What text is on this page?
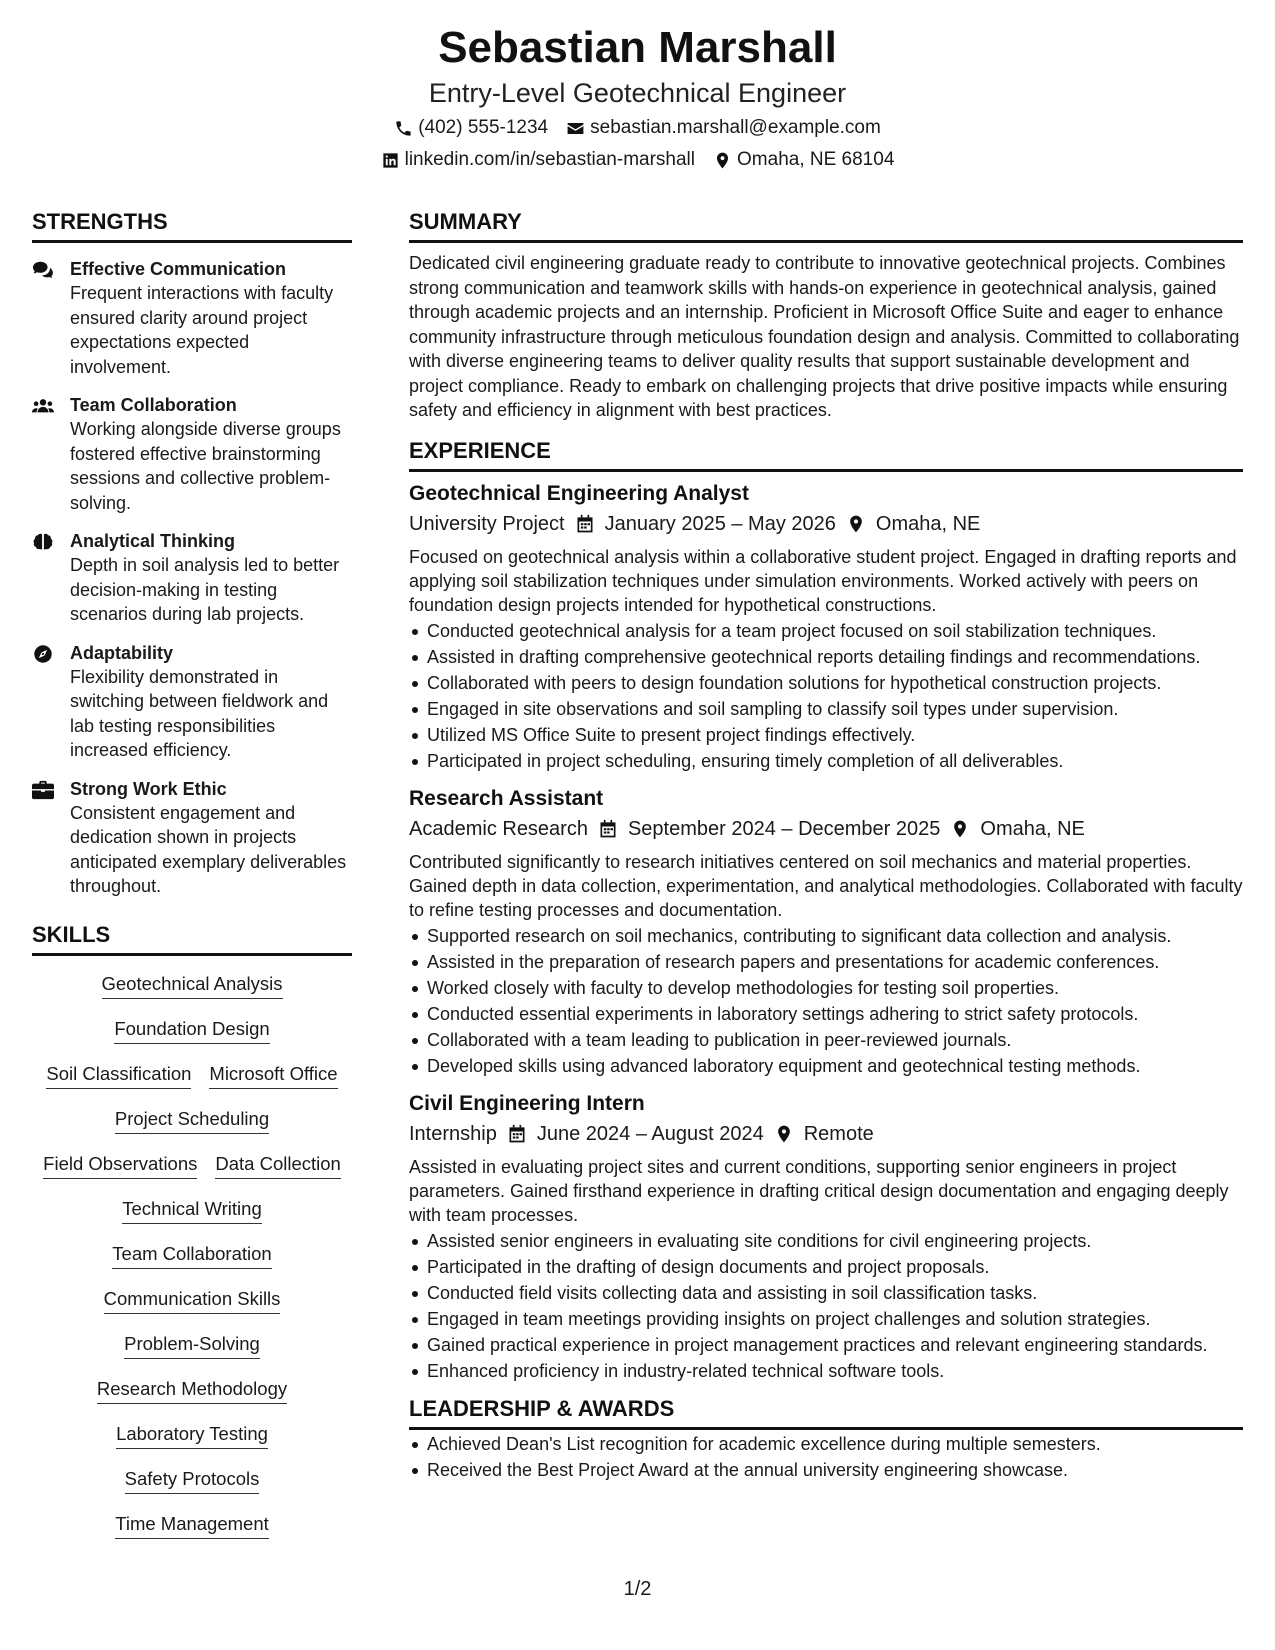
Sebastian Marshall
Entry-Level Geotechnical Engineer
(402) 555-1234 sebastian.marshall@example.com
linkedin.com/in/sebastian-marshall Omaha, NE 68104
STRENGTHS
Effective Communication
Frequent interactions with faculty ensured clarity around project expectations expected involvement.
Team Collaboration
Working alongside diverse groups fostered effective brainstorming sessions and collective problem-solving.
Analytical Thinking
Depth in soil analysis led to better decision-making in testing scenarios during lab projects.
Adaptability
Flexibility demonstrated in switching between fieldwork and lab testing responsibilities increased efficiency.
Strong Work Ethic
Consistent engagement and dedication shown in projects anticipated exemplary deliverables throughout.
SKILLS
Geotechnical Analysis
Foundation Design
Soil Classification Microsoft Office
Project Scheduling
Field Observations Data Collection
Technical Writing
Team Collaboration
Communication Skills
Problem-Solving
Research Methodology
Laboratory Testing
Safety Protocols
Time Management
SUMMARY
Dedicated civil engineering graduate ready to contribute to innovative geotechnical projects. Combines strong communication and teamwork skills with hands-on experience in geotechnical analysis, gained through academic projects and an internship. Proficient in Microsoft Office Suite and eager to enhance community infrastructure through meticulous foundation design and analysis. Committed to collaborating with diverse engineering teams to deliver quality results that support sustainable development and project compliance. Ready to embark on challenging projects that drive positive impacts while ensuring safety and efficiency in alignment with best practices.
EXPERIENCE
Geotechnical Engineering Analyst
University Project January 2025 – May 2026 Omaha, NE
Focused on geotechnical analysis within a collaborative student project. Engaged in drafting reports and applying soil stabilization techniques under simulation environments. Worked actively with peers on foundation design projects intended for hypothetical constructions.
Conducted geotechnical analysis for a team project focused on soil stabilization techniques.
Assisted in drafting comprehensive geotechnical reports detailing findings and recommendations.
Collaborated with peers to design foundation solutions for hypothetical construction projects.
Engaged in site observations and soil sampling to classify soil types under supervision.
Utilized MS Office Suite to present project findings effectively.
Participated in project scheduling, ensuring timely completion of all deliverables.
Research Assistant
Academic Research September 2024 – December 2025 Omaha, NE
Contributed significantly to research initiatives centered on soil mechanics and material properties. Gained depth in data collection, experimentation, and analytical methodologies. Collaborated with faculty to refine testing processes and documentation.
Supported research on soil mechanics, contributing to significant data collection and analysis.
Assisted in the preparation of research papers and presentations for academic conferences.
Worked closely with faculty to develop methodologies for testing soil properties.
Conducted essential experiments in laboratory settings adhering to strict safety protocols.
Collaborated with a team leading to publication in peer-reviewed journals.
Developed skills using advanced laboratory equipment and geotechnical testing methods.
Civil Engineering Intern
Internship June 2024 – August 2024 Remote
Assisted in evaluating project sites and current conditions, supporting senior engineers in project parameters. Gained firsthand experience in drafting critical design documentation and engaging deeply with team processes.
Assisted senior engineers in evaluating site conditions for civil engineering projects.
Participated in the drafting of design documents and project proposals.
Conducted field visits collecting data and assisting in soil classification tasks.
Engaged in team meetings providing insights on project challenges and solution strategies.
Gained practical experience in project management practices and relevant engineering standards.
Enhanced proficiency in industry-related technical software tools.
LEADERSHIP & AWARDS
Achieved Dean's List recognition for academic excellence during multiple semesters.
Received the Best Project Award at the annual university engineering showcase.
1/2
